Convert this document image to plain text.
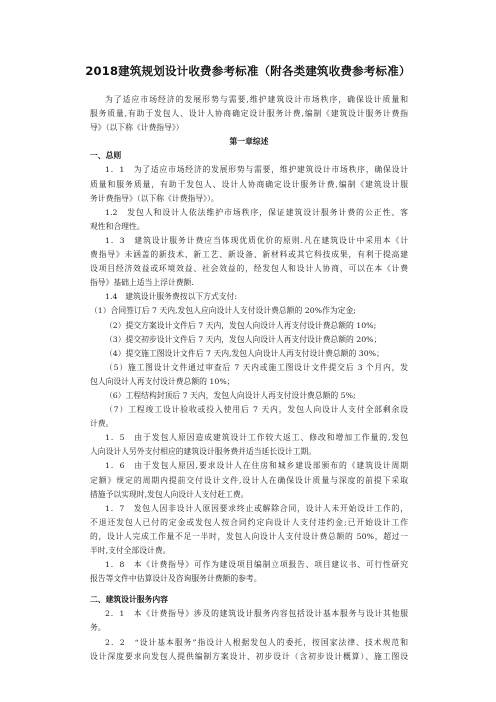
2018建筑规划设计收费参考标准（附各类建筑收费参考标准）
为了适应市场经济的发展形势与需要,维护建筑设计市场秩序，确保设计质量和
服务质量,有助于发包人、设计人协商确定设计服务计费,编制《建筑设计服务计费指
导》（以下称《计费指导》）
第一章综述
一、总则
1．1　为了适应市场经济的发展形势与需要，维护建筑设计市场秩序，确保设计
质量和服务质量，有助于发包人、设计人协商确定设计服务计费,编制《建筑设计服
务计费指导》（以下称《计费指导》）。
1.2　发包人和设计人依法维护市场秩序，保证建筑设计服务计费的公正性、客
观性和合理性。
1．3　建筑设计服务计费应当体现优质优价的原则.凡在建筑设计中采用本《计
费指导》未涵盖的新技术、新工艺、新设备、新材料或其它科技成果，有利于提高建
设项目经济效益或环境效益、社会效益的，经发包人和设计人协商，可以在本《计费
指导》基础上适当上浮计费额.
1.4　建筑设计服务费按以下方式支付:
（1）合同签订后 7 天内,发包人应向设计人支付设计费总额的 20%作为定金;
（2）提交方案设计文件后 7 天内，发包人向设计人再支付设计费总额的 10%;
（3）提交初步设计文件后 7 天内，发包人向设计人再支付设计费总额的 20%；
（4）提交施工图设计文件后 7 天内,发包人向设计人再支付设计费总额的 30%；
（5）施工图设计文件通过审查后 7 天内或施工图设计文件提交后 3 个月内，发
包人向设计人再支付设计费总额的 10%；
（6）工程结构封顶后 7 天内，发包人向设计人再支付设计费总额的 5%;
（7）工程竣工设计验收或投入使用后 7 天内，发包人向设计人支付全部剩余设
计费。
1．5　由于发包人原因造成建筑设计工作较大返工、修改和增加工作量的,发包
人向设计人另外支付相应的建筑设计服务费并适当延长设计工期。
1．6　由于发包人原因,要求设计人在住房和城乡建设部颁布的《建筑设计周期
定额》规定的周期内提前交付设计文件,设计人在确保设计质量与深度的前提下采取
措施予以实现时,发包人向设计人支付赶工费。
1．7　发包人因非设计人原因要求终止或解除合同，设计人未开始设计工作的，
不退还发包人已付的定金或发包人按合同约定向设计人支付违约金;已开始设计工作
的，设计人完成工作量不足一半时，发包人向设计人支付设计费总额的 50%，超过一
半时,支付全部设计费。
1．8　本《计费指导》可作为建设项目编制立项报告、项目建议书、可行性研究
报告等文件中估算设计及咨询服务计费额的参考。
二、建筑设计服务内容
2．1　本《计费指导》涉及的建筑设计服务内容包括设计基本服务与设计其他服
务。
2．2　“设计基本服务”指设计人根据发包人的委托，按国家法律、技术规范和
设计深度要求向发包人提供编制方案设计、初步设计（含初步设计概算）、施工图设
